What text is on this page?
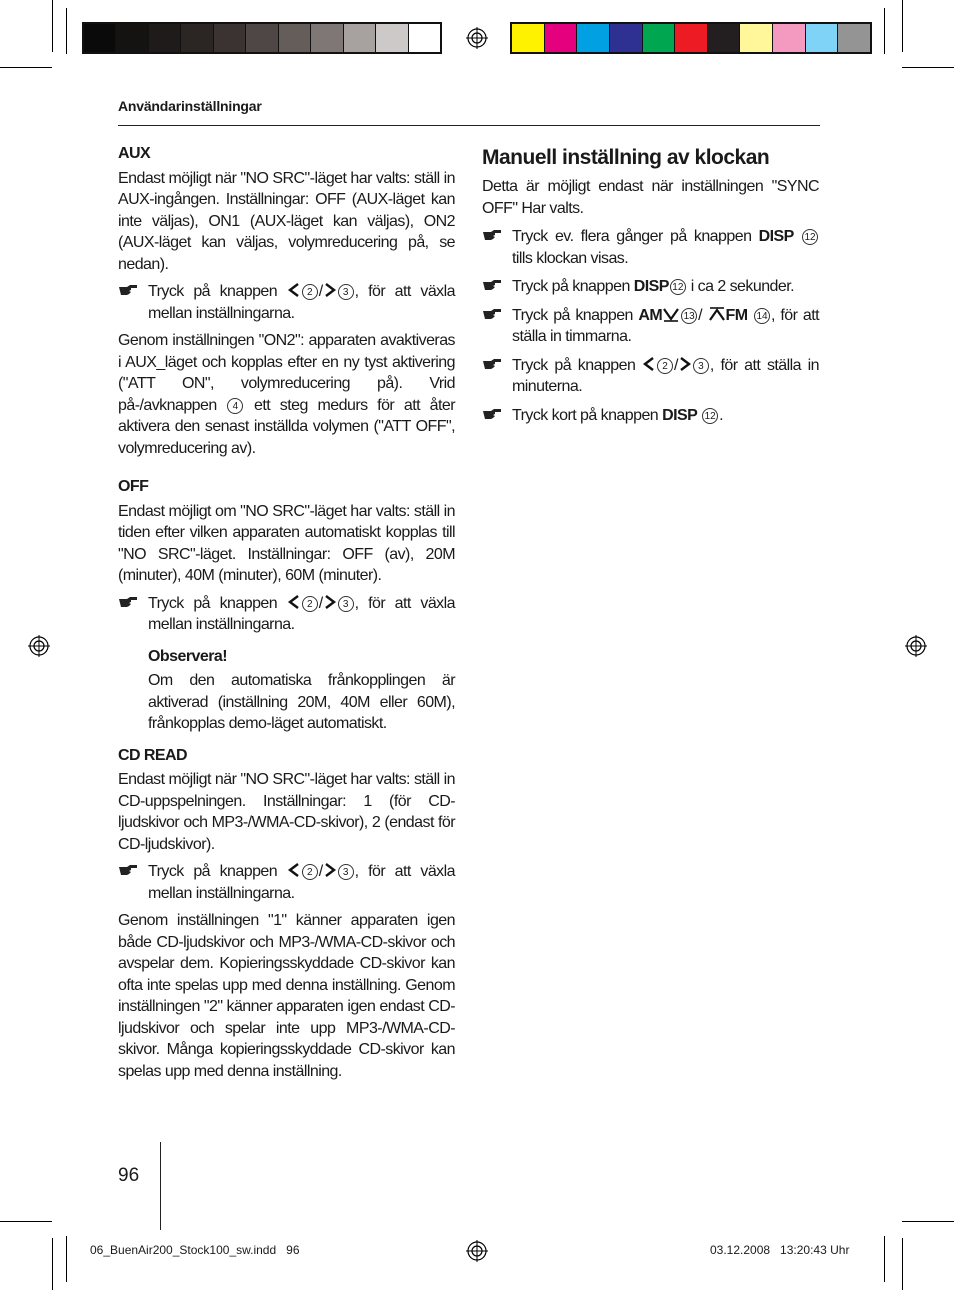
Användarinställningar

AUX

Endast möjligt när "NO SRC"-läget har valts: ställ in AUX-ingången. Inställningar: OFF (AUX-läget kan inte väljas), ON1 (AUX-läget kan väljas), ON2 (AUX-läget kan väljas, volymreducering på, se nedan).

Tryck på knappen	2 / 3 , för att växla mellan inställningarna.

Genom inställningen "ON2": apparaten avaktiveras i AUX_läget och kopplas efter en ny tyst aktivering ("ATT ON", volymreducering på). Vrid på-/avknappen 4 ett steg medurs för att åter aktivera den senast inställda volymen ("ATT OFF", volymreducering av).

OFF

Endast möjligt om "NO SRC"-läget har valts: ställ in tiden efter vilken apparaten automatiskt kopplas till "NO SRC"-läget. Inställningar: OFF (av), 20M (minuter), 40M (minuter), 60M (minuter).

Tryck på knappen	2 / 3 , för att växla mellan inställningarna.

Observera!

Om den automatiska frånkopplingen är aktiverad (inställning 20M, 40M eller 60M), frånkopplas demo-läget automatiskt.

CD READ

Endast möjligt när "NO SRC"-läget har valts: ställ in CD-uppspelningen. Inställningar: 1 (för CD-ljudskivor och MP3-/WMA-CD-skivor), 2 (endast för CD-ljudskivor).

Tryck på knappen	2 / 3 , för att växla mellan inställningarna.

Genom inställningen "1" känner apparaten igen både CD-ljudskivor och MP3-/WMA-CD-skivor och avspelar dem. Kopieringsskyddade CD-skivor kan ofta inte spelas upp med denna inställning. Genom inställningen "2" känner apparaten igen endast CD-ljudskivor och spelar inte upp MP3-/WMA-CD-skivor. Många kopieringsskyddade CD-skivor kan spelas upp med denna inställning.

Manuell inställning av klockan

Detta är möjligt endast när inställningen "SYNC OFF" Har valts.

Tryck ev. flera gånger på knappen DISP 12 tills klockan visas.

Tryck på knappen DISP 12 i ca 2 sekunder.

Tryck på knappen AM 13 / FM 14 , för att ställa in timmarna.

Tryck på knappen	2 / 3 , för att ställa in minuterna.

Tryck kort på knappen DISP 12 .

96
06_BuenAir200_Stock100_sw.indd   96	03.12.2008   13:20:43 Uhr
